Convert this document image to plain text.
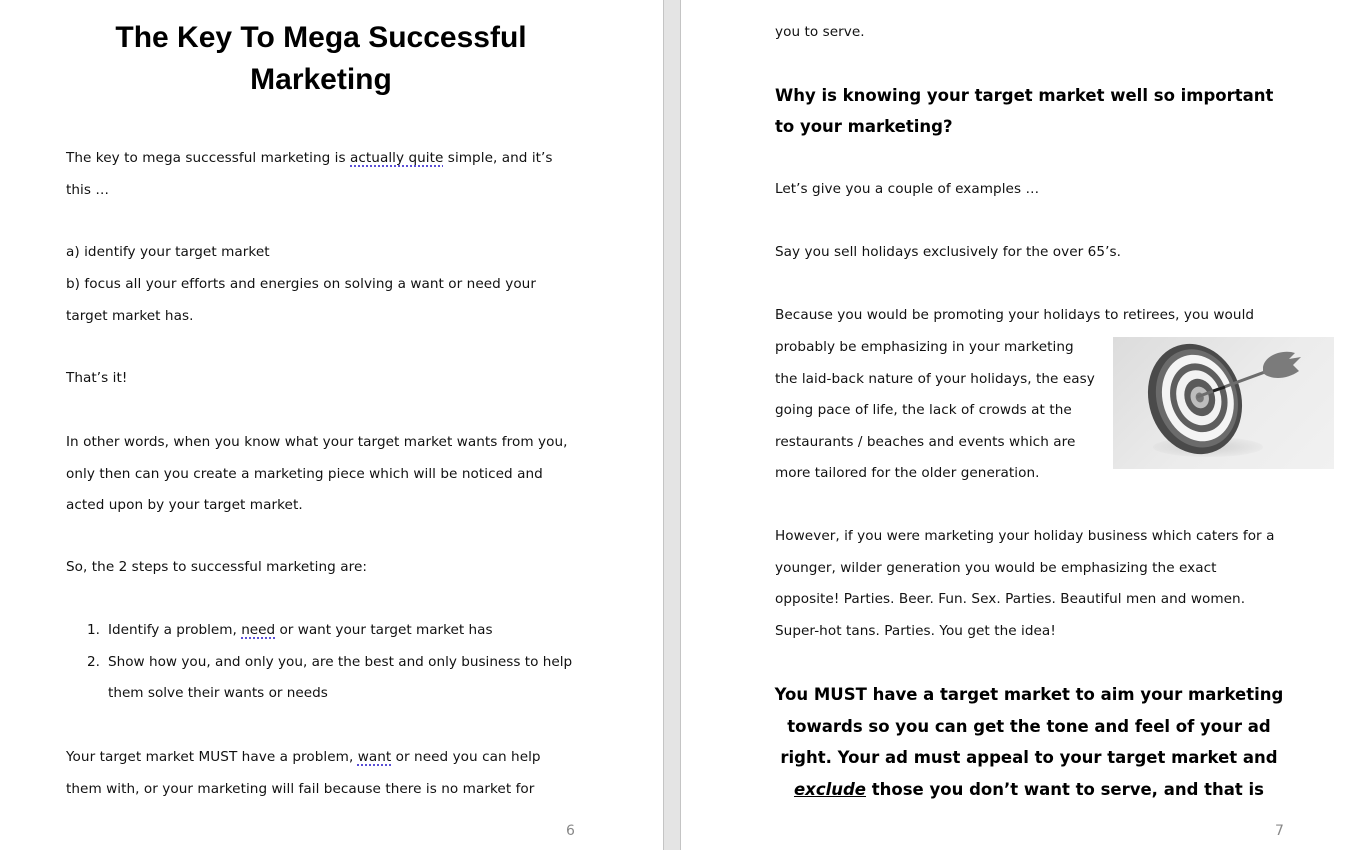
The Key To Mega Successful Marketing

The key to mega successful marketing is actually quite simple, and it’s this …

a) identify your target market

b) focus all your efforts and energies on solving a want or need your target market has.

That’s it!

In other words, when you know what your target market wants from you, only then can you create a marketing piece which will be noticed and acted upon by your target market.

So, the 2 steps to successful marketing are:

1. Identify a problem, need or want your target market has
2. Show how you, and only you, are the best and only business to help them solve their wants or needs

Your target market MUST have a problem, want or need you can help them with, or your marketing will fail because there is no market for

6

you to serve.

Why is knowing your target market well so important to your marketing?

Let’s give you a couple of examples …

Say you sell holidays exclusively for the over 65’s.

Because you would be promoting your holidays to retirees, you would

probably be emphasizing in your marketing the laid-back nature of your holidays, the easy going pace of life, the lack of crowds at the restaurants / beaches and events which are more tailored for the older generation.

However, if you were marketing your holiday business which caters for a younger, wilder generation you would be emphasizing the exact opposite! Parties. Beer. Fun. Sex. Parties. Beautiful men and women. Super-hot tans. Parties. You get the idea!

You MUST have a target market to aim your marketing towards so you can get the tone and feel of your ad right. Your ad must appeal to your target market and exclude those you don’t want to serve, and that is

7
